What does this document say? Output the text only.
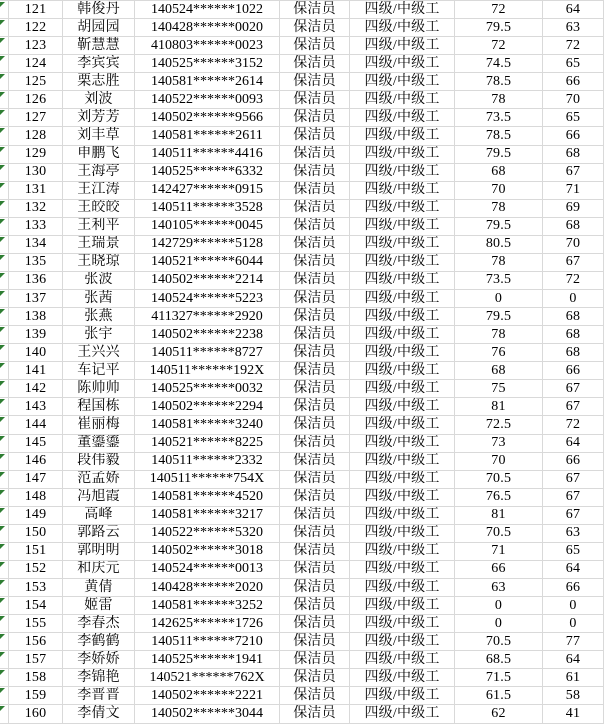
121	韩俊丹	140524******1022	保洁员	四级/中级工	72	64
122	胡园园	140428******0020	保洁员	四级/中级工	79.5	63
123	靳慧慧	410803******0023	保洁员	四级/中级工	72	72
124	李宾宾	140525******3152	保洁员	四级/中级工	74.5	65
125	栗志胜	140581******2614	保洁员	四级/中级工	78.5	66
126	刘波	140522******0093	保洁员	四级/中级工	78	70
127	刘芳芳	140502******9566	保洁员	四级/中级工	73.5	65
128	刘丰草	140581******2611	保洁员	四级/中级工	78.5	66
129	申鹏飞	140511******4416	保洁员	四级/中级工	79.5	68
130	王海亭	140525******6332	保洁员	四级/中级工	68	67
131	王江涛	142427******0915	保洁员	四级/中级工	70	71
132	王皎皎	140511******3528	保洁员	四级/中级工	78	69
133	王利平	140105******0045	保洁员	四级/中级工	79.5	68
134	王瑞景	142729******5128	保洁员	四级/中级工	80.5	70
135	王晓琼	140521******6044	保洁员	四级/中级工	78	67
136	张波	140502******2214	保洁员	四级/中级工	73.5	72
137	张茜	140524******5223	保洁员	四级/中级工	0	0
138	张燕	411327******2920	保洁员	四级/中级工	79.5	68
139	张宇	140502******2238	保洁员	四级/中级工	78	68
140	王兴兴	140511******8727	保洁员	四级/中级工	76	68
141	车记平	140511******192X	保洁员	四级/中级工	68	66
142	陈帅帅	140525******0032	保洁员	四级/中级工	75	67
143	程国栋	140502******2294	保洁员	四级/中级工	81	67
144	崔丽梅	140581******3240	保洁员	四级/中级工	72.5	72
145	董鎏鎏	140521******8225	保洁员	四级/中级工	73	64
146	段伟毅	140511******2332	保洁员	四级/中级工	70	66
147	范孟娇	140511******754X	保洁员	四级/中级工	70.5	67
148	冯旭霞	140581******4520	保洁员	四级/中级工	76.5	67
149	高峰	140581******3217	保洁员	四级/中级工	81	67
150	郭路云	140522******5320	保洁员	四级/中级工	70.5	63
151	郭明明	140502******3018	保洁员	四级/中级工	71	65
152	和庆元	140524******0013	保洁员	四级/中级工	66	64
153	黄倩	140428******2020	保洁员	四级/中级工	63	66
154	姬雷	140581******3252	保洁员	四级/中级工	0	0
155	李春杰	142625******1726	保洁员	四级/中级工	0	0
156	李鹤鹤	140511******7210	保洁员	四级/中级工	70.5	77
157	李娇娇	140525******1941	保洁员	四级/中级工	68.5	64
158	李锦艳	140521******762X	保洁员	四级/中级工	71.5	61
159	李晋晋	140502******2221	保洁员	四级/中级工	61.5	58
160	李倩文	140502******3044	保洁员	四级/中级工	62	41
